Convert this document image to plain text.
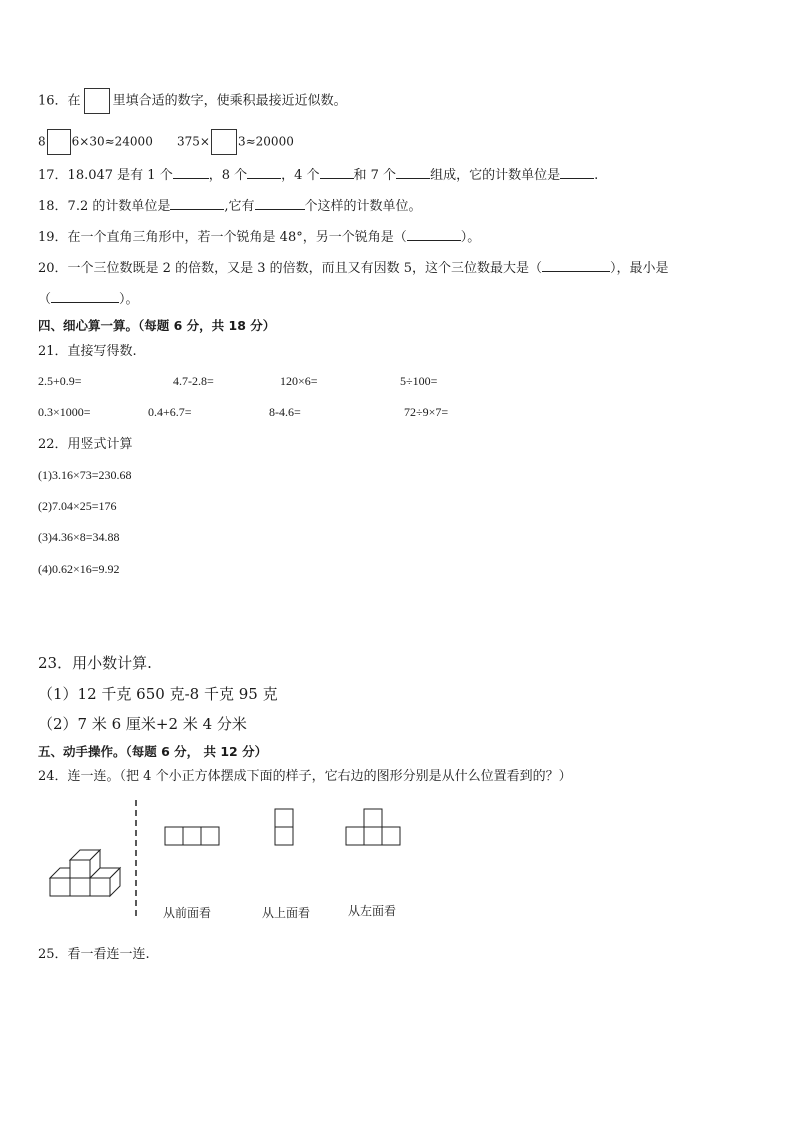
16．在 里填合适的数字，使乘积最接近近似数。
8 6×30≈24000 375× 3≈20000
17．18.047 是有 1 个	，8 个	，4 个	和 7 个	组成，它的计数单位是	.
18．7.2 的计数单位是	,它有	个这样的计数单位。
19．在一个直角三角形中，若一个锐角是 48°，另一个锐角是（	）。
20．一个三位数既是 2 的倍数，又是 3 的倍数，而且又有因数 5，这个三位数最大是（	），最小是
（	）。
四、细心算一算。（每题 6 分，共 18 分）
21．直接写得数.
2.5+0.9=	4.7-2.8=	120×6=	5÷100=
0.3×1000=	0.4+6.7=	8-4.6=	72÷9×7=
22．用竖式计算
(1)3.16×73=230.68
(2)7.04×25=176
(3)4.36×8=34.88
(4)0.62×16=9.92
23．用小数计算.
（1）12 千克 650 克-8 千克 95 克
（2）7 米 6 厘米+2 米 4 分米
五、动手操作。（每题 6 分， 共 12 分）
24．连一连。（把 4 个小正方体摆成下面的样子，它右边的图形分别是从什么位置看到的？）
从前面看	从上面看	从左面看
25．看一看连一连.
